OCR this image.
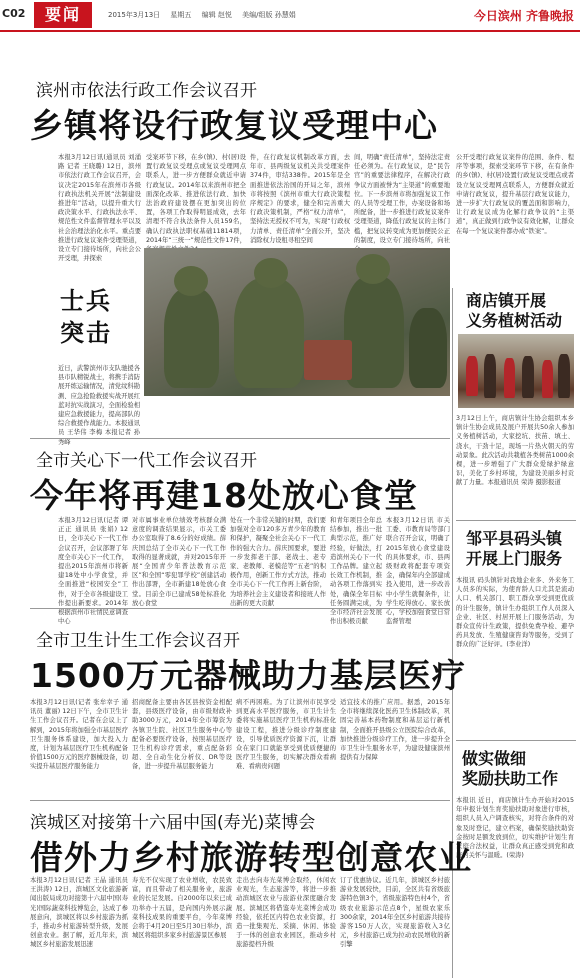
C02	要闻	2015年3月13日 星期五 编辑 赵悦 美编/组版 孙慧娟	今日滨州 齐鲁晚报
滨州市依法行政工作会议召开
乡镇将设行政复议受理中心
本报3月12日讯(通讯员 刘涌路 记者 王晓璐) 12日，滨州市依法行政工作会议召开，会议决定2015年在滨州市各级行政执法机关开展“法制建设推进年”活动，以提升重大行政决策水平、行政执法水平、规范性文件监督管理水平以及社会治理法治化水平。重点要推进行政复议案件受理渠道，设立专门接待场所，向社会公开受理，并探索
受案环节下移，在乡(镇)、村(居)设置行政复议受理点或复议受理网点联系人，进一步方便群众就近申请行政复议。2014年以来滨州市把全面深化改革、推进依法行政、加快法治政府建设摆在更加突出的位置，各项工作取得明显成效，去年清理不符合执法条件人员159名，确认行政执法职权基础11814项，2014年“三统一”规范性文件17件，
件，在行政复议机制改革方面，去年市、县两级复议机关共受理案件374件，审结338件。2015年是全面推进依法治国的开局之年，滨州市将按照《滨州市重大行政决策程序规定》的要求，健全和完善重大行政决策机制，严格“权力清单”，坚持法无授权不可为，实现“行政权力清单、责任清单”全面公开，坚决消除权力设租寻租空间
间，明确“责任清单”，坚持法定责任必须为。在行政复议，是“民告官”的重要法律程序，在解决行政争议方面被誉为“主渠道”的重要地位。下一步滨州市将加强复议工作的人员等受理工作，办案设备和场所配备，进一步推进行政复议案件受理渠道，降低行政复议的主体门槛，把复议转变成为更加便民公正的制度，设立专门接待场所，向社
公开受理行政复议案件的范围、条件、程序等事项，探索受案环节下移，在有条件的乡(镇)、村(居)设置行政复议受理点或者设立复议受理网点联系人，方便群众就近申请行政复议，提升基层行政复议能力，进一步扩大行政复议的覆盖面和影响力，让行政复议成为化解行政争议的“主渠道”，真正做到行政争议有效化解，让群众在每一个复议案件都办成“铁案”。
士兵
突击
近日，武警滨州市支队驰援各县市队精锐战士，将携手消防展开练运输情况，清党纹科勘测、应急抢险救援实战开展红蓝对抗实战演习，全面检验相建应急救援能力，提高部队的综合救援作战能力。本报通讯员 王华伟 李梅 本报记者 孙秀峰
商店镇开展
义务植树活动
3月12日上午，商店镇计生协会组织本乡镇计生协会成员及展户开展共50余人参加义务植树活动，大家挖坑、扶苗、填土、浇水，干劲十足，现场一片热火朝天的劳动景象。此次活动共栽植各类树苗1000余棵，进一步增强了广大群众爱绿护绿意识，美化了乡村环境，为建设美丽乡村贡献了力量。本报通讯员 荣涛 摄影报道
邹平县码头镇
开展上门服务
本报讯 码头镇针对我地企业多、外来务工人员多的实际，为使育龄人口尤其是流动人口、机关部门、职工群众享受到更优质的计生服务，镇计生办组织工作人员深入企业、社区、村居开展上门服务活动，为群众宣传计生政策，提供免费孕检、避孕药具发放、生殖健康咨询等服务，受到了群众的广泛好评。(李业洋)
做实做细
奖励扶助工作
本报讯 近日，商店镇计生办开始对2015年申报计划生育奖励扶助对象进行审核，组织人员入户调查核实，对符合条件的对象及时登记，建立档案，确保奖励扶助资金按时足额发放到位，切实维护计划生育家庭合法权益，让群众真正感受到党和政府的关怀与温暖。(荣涛)
全市关心下一代工作会议召开
今年将再建18处放心食堂
本报3月12日讯(记者 谭正正 通讯员 张娟) 12日，全市关心下一代工作会议召开，会议部署了年度全市关心下一代工作，提出2015年滨州市将新建18处中小学食堂，并全面推进“校园安全”工作，对于全市各级建设工作提出新要求。2014年根据滨州市社情民意调查中心
对市属事业单位绩效考核群众满意度的调查结果显示，市关工委办公室取得了8.6分的好成绩。薛庆国总结了全市关心下一代工作取得的显著成就，并对2015年开展“全国青少年普法教育示范区”和全国“零犯罪学校”创建活动作出部署，全市新建18处放心食堂。目前全市已建成58处标准化放心食堂
处在一个非常关键的时期，我们要加强对全市120多万青少年的教育和保护，凝聚全社会关心下一代工作的强大合力。薛庆国要求，要进一步发挥老干部、老战士、老专家、老教师、老模范等“五老”的积极作用，创新工作方式方法，推动全市关心下一代工作再上新台阶，为培养社会主义建设者和接班人作出新的更大贡献
和青年项目全年总结参加，推出一批典型示范，推广好经验，好做法，打造滨州关心下一代工作品牌。建立起长效工作机制，推动各项工作落到实处，确保全年目标任务圆满完成，为全市经济社会发展作出积极贡献
本报3月12日讯 市关工委、市教育局等部门联合召开会议，明确了2015年放心食堂建设的具体要求，市、县两级财政将配套专项资金，确保年内全部建成投入使用，进一步改善中小学生就餐条件，让学生吃得放心、家长放心，学校加强食堂日常监督管理
全市卫生计生工作会议召开
1500万元器械助力基层医疗
本报3月12日讯(记者 张牟幸子 通讯员 董丽) 12日下午，全市卫生计生工作会议召开。记者在会议上了解到，2015年将加强全市基层医疗卫生服务体系建设，加大投入力度，计划为基层医疗卫生机构配备价值1500万元的医疗器械设备，切实提升基层医疗服务能力
招商配备主要由各区县按资金相配套，县级医疗设备，由市级财政补助3000万元，2014年全市筹资为各镇卫生院、社区卫生服务中心等配备必要医疗设备，按照基层医疗卫生机构诊疗需求，重点配备彩超、全自动生化分析仪、DR等设备，进一步提升基层服务能力
病不再困难。为了让滨州市民享受到更高水平医疗服务，市卫生计生委将实施基层医疗卫生机构标准化建设工程，推进分级诊疗制度建设，引导优质医疗资源下沉，让群众在家门口就能享受到优质便捷的医疗卫生服务，切实解决群众看病难、看病贵问题
适宜技术的推广应用。据悉，2015年全市将继续深化医药卫生体制改革，巩固完善基本药物制度和基层运行新机制，全面推开县级公立医院综合改革，加快推进分级诊疗工作，进一步提升全市卫生计生服务水平，为建设健康滨州提供有力保障
滨城区对接第十六届中国(寿光)菜博会
借外力乡村旅游转型创意农业
本报3月12日讯(记者 王晶 通讯员 王洪涛) 12日，滨城区文化旅游新闻出版局成功对接第十六届中国(寿光)国际蔬菜科技博览会，达成了参展意向，滨城区将以乡村旅游为抓手，推动乡村旅游转型升级，发展创意农业。据了解，近几年来，滨城区乡村旅游发展迅速
寿光不仅实现了农业增收，农民致富，而且带动了相关服务业，旅游业的长足发展。自2000年以来已成功举办十五届，是向国内外展示蔬菜科技成果的重要平台，今年菜博会将于4月20日至5月30日举办，滨城区将组织多家乡村旅游景区参展
走出去向寿光菜博会取经，休闲农业观光，生态旅游等，将进一步推动滨城区农业与旅游业深度融合发展。滨城区将借鉴寿光菜博会成功经验，依托区内特色农业资源，打造一批集观光、采摘、休闲、体验于一体的创意农业园区，推动乡村旅游提档升级
订了优惠协议。近几年，滨城区乡村旅游业发展较快，目前，全区共有省级旅游特色镇3个，省级旅游特色村4个，省级农业旅游示范点8个，星级农家乐300余家，2014年全区乡村旅游共接待游客150万人次，实现旅游收入3亿元，乡村旅游已成为拉动农民增收的新引擎
